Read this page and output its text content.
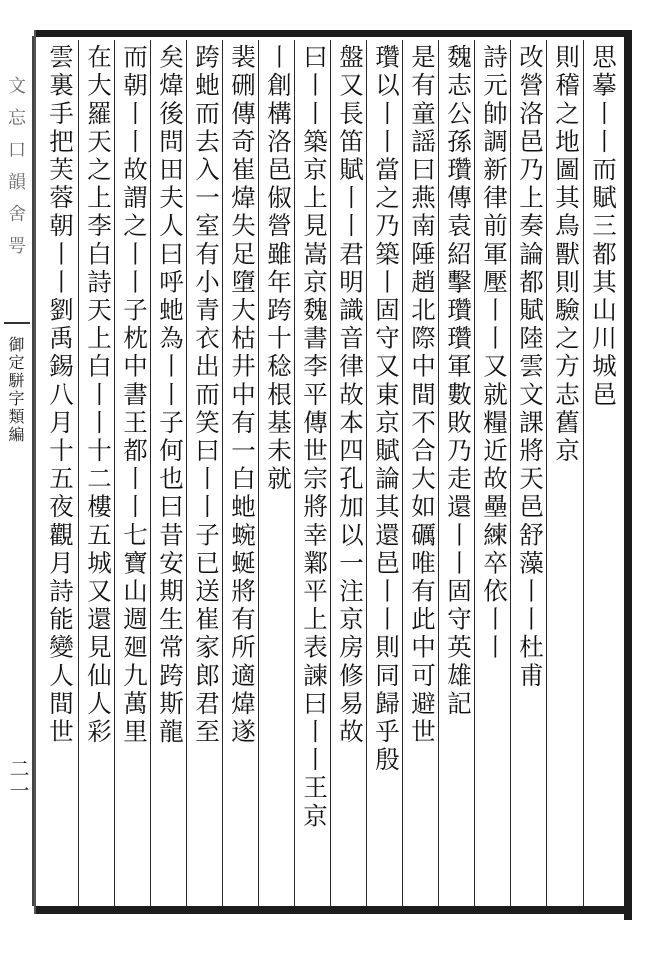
文忘口韻舍咢
御定駢字類編
二一
思摹丨丨而賦三都其山川城邑
則稽之地圖其鳥獸則驗之方志舊京
改營洛邑乃上奏論都賦陸雲文課將天邑舒藻丨丨杜甫
詩元帥調新律前軍壓丨丨又就糧近故壘練卒依丨丨
魏志公孫瓚傳袁紹擊瓚瓚軍數敗乃走還丨丨固守英雄記
是有童謡曰燕南陲趙北際中間不合大如礪唯有此中可避世
瓚以丨丨當之乃築丨固守又東京賦論其還邑丨丨則同歸乎殷
盤又長笛賦丨丨君明識音律故本四孔加以一注京房修易故
曰丨丨築京上見嵩京魏書李平傳世宗將幸鄴平上表諫曰丨丨王京
丨創構洛邑俶營雖年跨十稔根基未就
裴硎傳奇崔煒失足墮大枯井中有一白虵蜿蜒將有所適煒遂
跨虵而去入一室有小青衣出而笑曰丨丨子已送崔家郎君至
矣煒後問田夫人曰呼虵為丨丨子何也曰昔安期生常跨斯龍
而朝丨丨故謂之丨丨子枕中書王都丨丨七寶山週廻九萬里
在大羅天之上李白詩天上白丨丨十二樓五城又還見仙人彩
雲裏手把芙蓉朝丨丨劉禹錫八月十五夜觀月詩能變人間世
